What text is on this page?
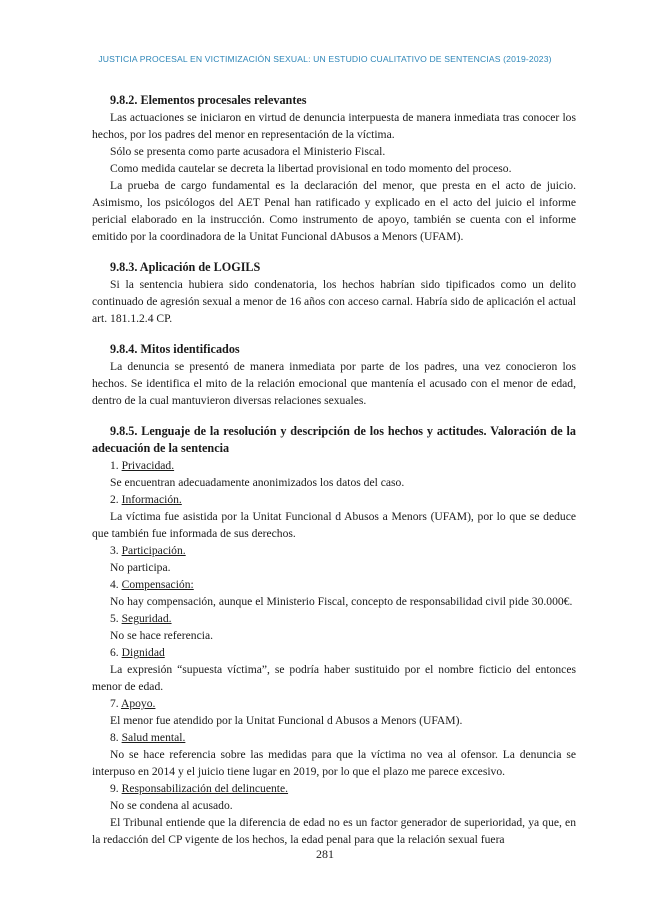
JUSTICIA PROCESAL EN VICTIMIZACIÓN SEXUAL: UN ESTUDIO CUALITATIVO DE SENTENCIAS (2019-2023)
9.8.2. Elementos procesales relevantes

Las actuaciones se iniciaron en virtud de denuncia interpuesta de manera inmediata tras conocer los hechos, por los padres del menor en representación de la víctima.

Sólo se presenta como parte acusadora el Ministerio Fiscal.

Como medida cautelar se decreta la libertad provisional en todo momento del proceso.

La prueba de cargo fundamental es la declaración del menor, que presta en el acto de juicio. Asimismo, los psicólogos del AET Penal han ratificado y explicado en el acto del juicio el informe pericial elaborado en la instrucción. Como instrumento de apoyo, también se cuenta con el informe emitido por la coordinadora de la Unitat Funcional dAbusos a Menors (UFAM).

9.8.3. Aplicación de LOGILS

Si la sentencia hubiera sido condenatoria, los hechos habrían sido tipificados como un delito continuado de agresión sexual a menor de 16 años con acceso carnal. Habría sido de aplicación el actual art. 181.1.2.4 CP.

9.8.4. Mitos identificados

La denuncia se presentó de manera inmediata por parte de los padres, una vez conocieron los hechos. Se identifica el mito de la relación emocional que mantenía el acusado con el menor de edad, dentro de la cual mantuvieron diversas relaciones sexuales.

9.8.5. Lenguaje de la resolución y descripción de los hechos y actitudes. Valoración de la adecuación de la sentencia
1. Privacidad.

Se encuentran adecuadamente anonimizados los datos del caso.

2. Información.

La víctima fue asistida por la Unitat Funcional d Abusos a Menors (UFAM), por lo que se deduce que también fue informada de sus derechos.

3. Participación.

No participa.

4. Compensación:

No hay compensación, aunque el Ministerio Fiscal, concepto de responsabilidad civil pide 30.000€.

5. Seguridad.

No se hace referencia.

6. Dignidad

La expresión “supuesta víctima”, se podría haber sustituido por el nombre ficticio del entonces menor de edad.

7. Apoyo.

El menor fue atendido por la Unitat Funcional d Abusos a Menors (UFAM).

8. Salud mental.

No se hace referencia sobre las medidas para que la víctima no vea al ofensor. La denuncia se interpuso en 2014 y el juicio tiene lugar en 2019, por lo que el plazo me parece excesivo.

9. Responsabilización del delincuente.

No se condena al acusado.

El Tribunal entiende que la diferencia de edad no es un factor generador de superioridad, ya que, en la redacción del CP vigente de los hechos, la edad penal para que la relación sexual fuera

281
